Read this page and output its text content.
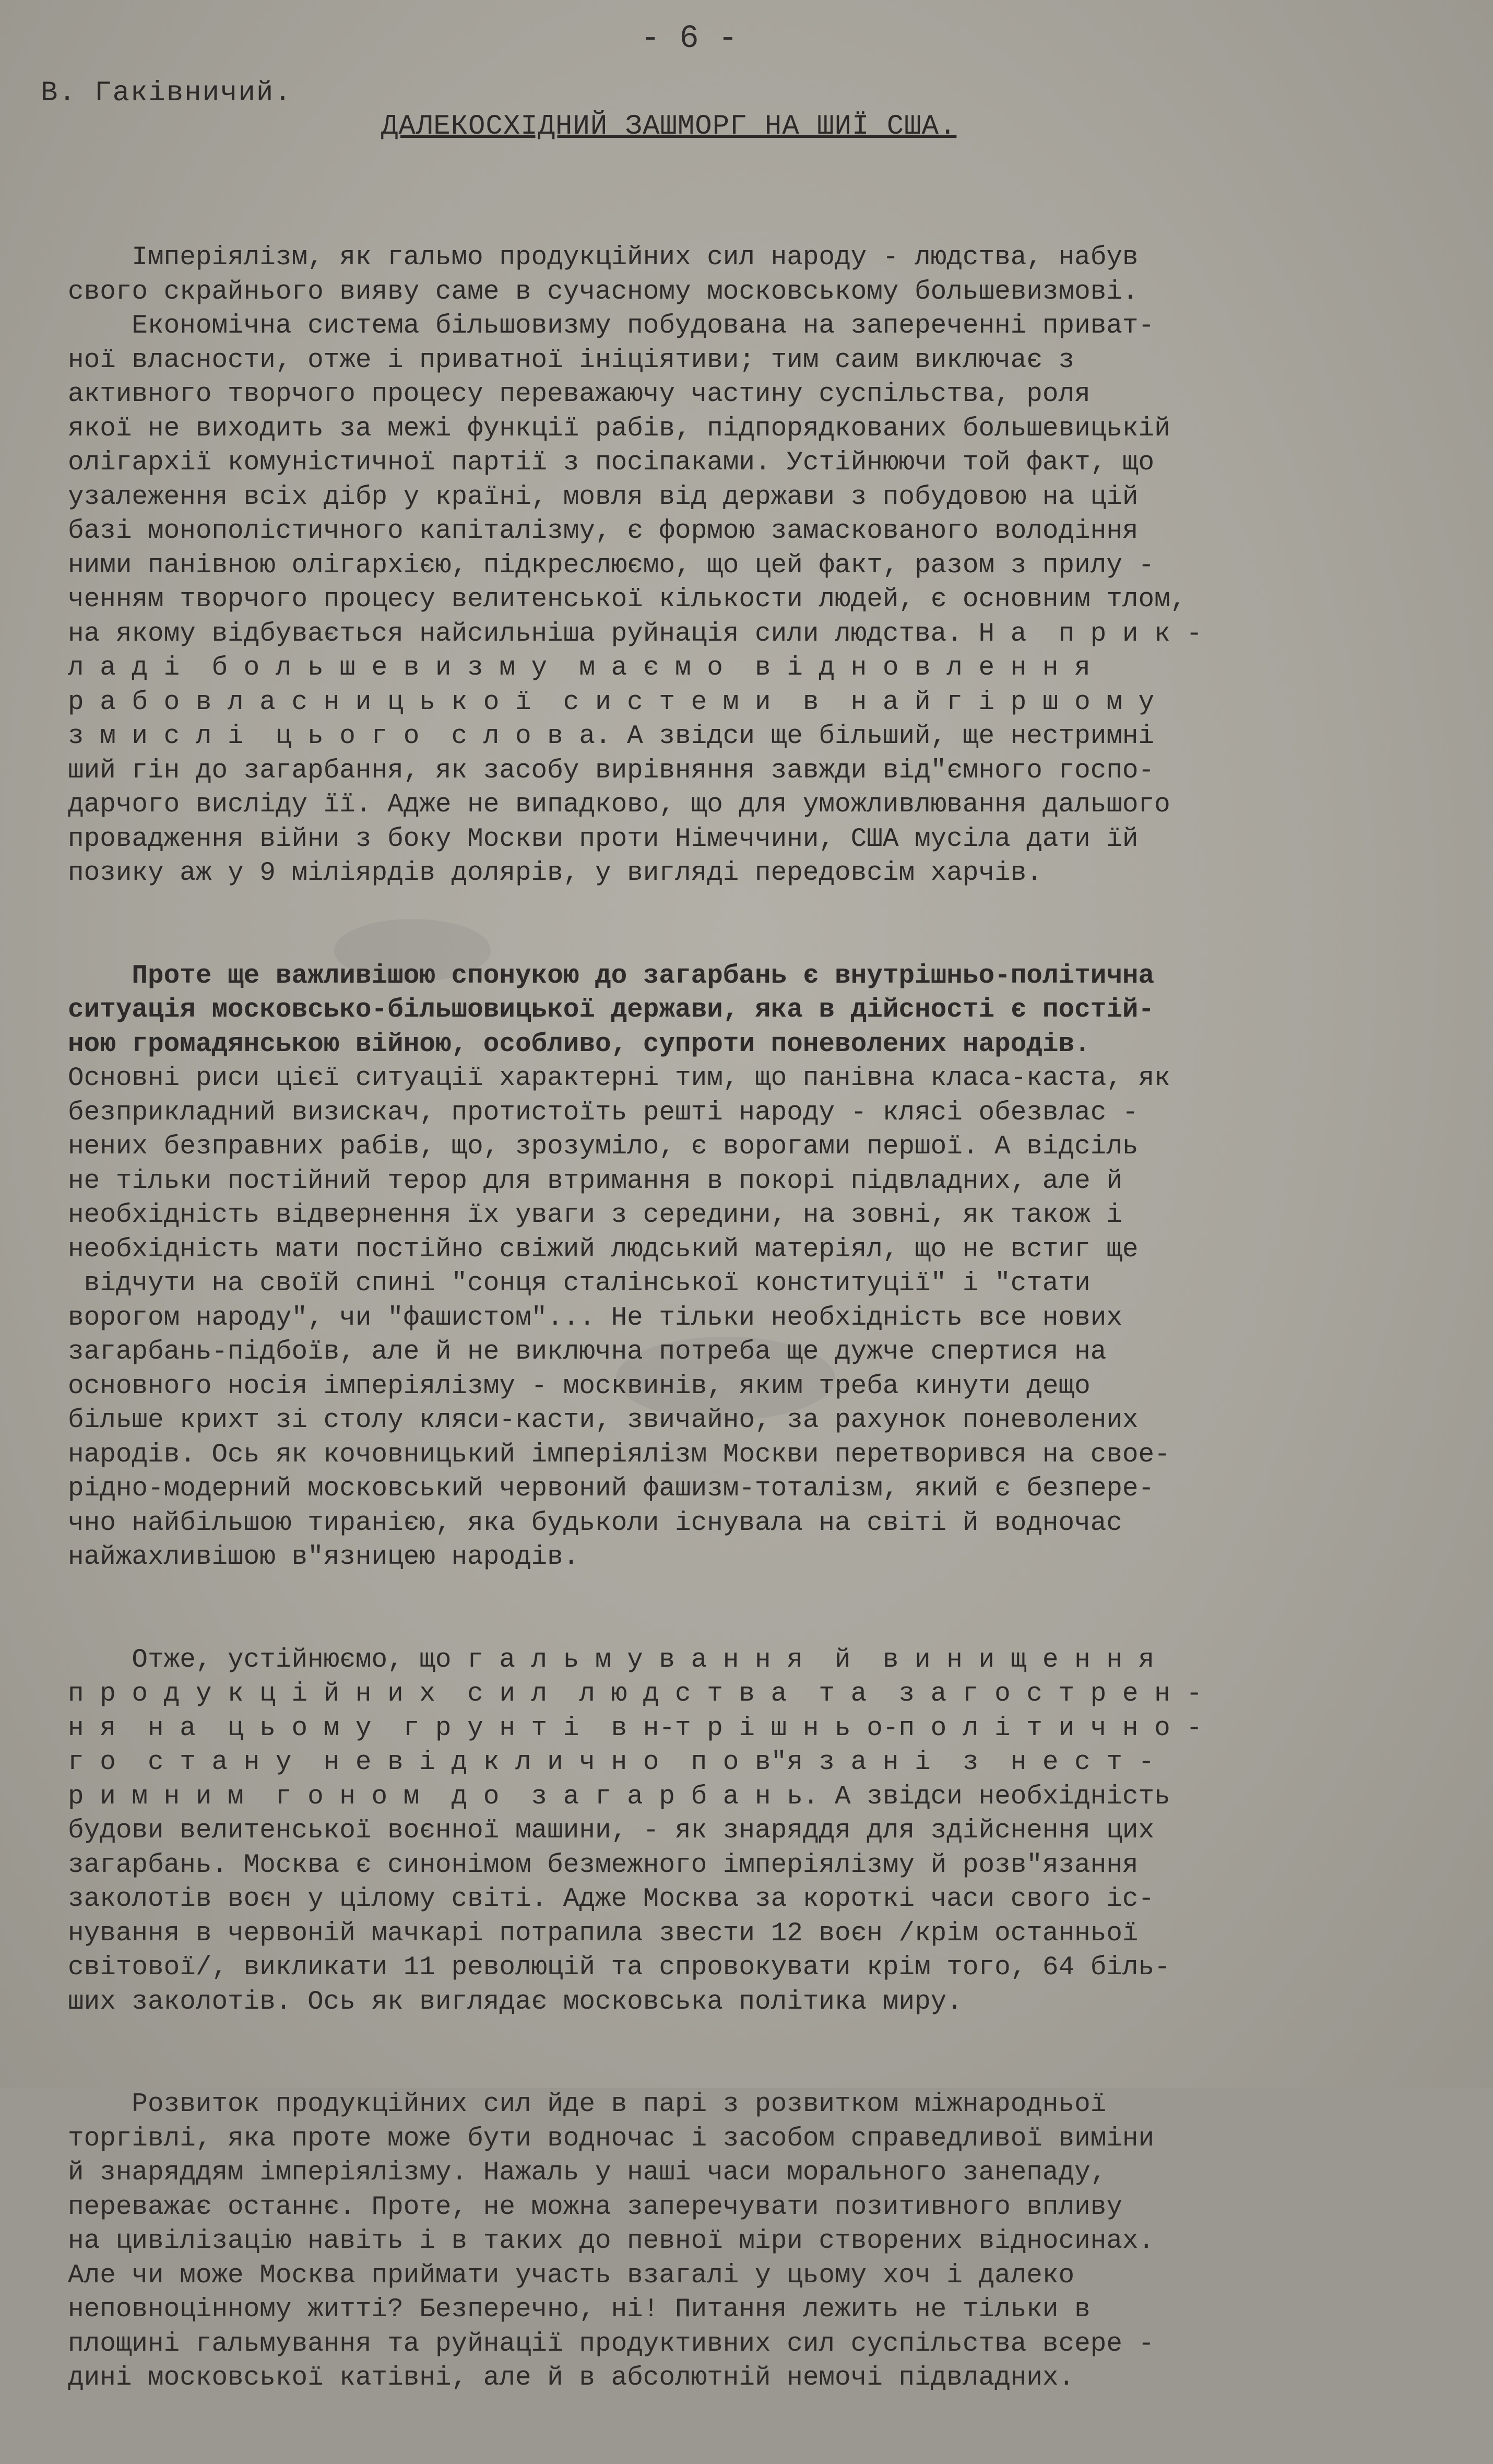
- 6 -
В. Гаківничий.
ДАЛЕКОСХІДНИЙ ЗАШМОРГ НА ШИЇ США.

Імперіялізм, як гальмо продукційних сил народу - людства, набув
свого скрайнього вияву саме в сучасному московському большевизмові.
Економічна система більшовизму побудована на запереченні приват-
ної власности, отже і приватної ініціятиви; тим саим виключає з
активного творчого процесу переважаючу частину суспільства, роля
якої не виходить за межі функції рабів, підпорядкованих большевицькій
олігархії комуністичної партії з посіпаками. Устійнюючи той факт, що
узалеження всіх дібр у країні, мовля від держави з побудовою на цій
базі монополістичного капіталізму, є формою замаскованого володіння
ними панівною олігархією, підкреслюємо, що цей факт, разом з прилу -
ченням творчого процесу велитенської кількости людей, є основним тлом,
на якому відбувається найсильніша руйнація сили людства. Н а  п р и к -
л а д і  б о л ь ш е в и з м у  м а є м о  в і д н о в л е н н я
р а б о в л а с н и ц ь к о ї  с и с т е м и  в  н а й г і р ш о м у
з м и с л і  ц ь о г о  с л о в а. А звідси ще більший, ще нестримні
ший гін до загарбання, як засобу вирівняння завжди від"ємного госпо-
дарчого висліду її. Адже не випадково, що для уможливлювання дальшого
провадження війни з боку Москви проти Німеччини, США мусіла дати їй
позику аж у 9 міліярдів долярів, у вигляді передовсім харчів.

Проте ще важливішою спонукою до загарбань є внутрішньо-політична
ситуація московсько-більшовицької держави, яка в дійсності є постій-
ною громадянською війною, особливо, супроти поневолених народів.
Основні риси цієї ситуації характерні тим, що панівна класа-каста, як
безприкладний визискач, протистоїть решті народу - клясі обезвлас -
нених безправних рабів, що, зрозуміло, є ворогами першої. А відсіль
не тільки постійний терор для втримання в покорі підвладних, але й
необхідність відвернення їх уваги з середини, на зовні, як також і
необхідність мати постійно свіжий людський матеріял, що не встиг ще
відчути на своїй спині "сонця сталінської конституції" і "стати
ворогом народу", чи "фашистом"... Не тільки необхідність все нових
загарбань-підбоїв, але й не виключна потреба ще дужче спертися на
основного носія імперіялізму - москвинів, яким треба кинути дещо
більше крихт зі столу кляси-касти, звичайно, за рахунок поневолених
народів. Ось як кочовницький імперіялізм Москви перетворився на свое-
рідно-модерний московський червоний фашизм-тоталізм, який є безпере-
чно найбільшою тиранією, яка будьколи існувала на світі й водночас
найжахливішою в"язницею народів.

Отже, устійнюємо, що г а л ь м у в а н н я  й  в и н и щ е н н я
п р о д у к ц і й н и х  с и л  л ю д с т в а  т а  з а г о с т р е н -
н я  н а  ц ь о м у  г р у н т і  в н-т р і ш н ь о-п о л і т и ч н о -
г о  с т а н у  н е в і д к л и ч н о  п о в"я з а н і  з  н е с т -
р и м н и м  г о н о м  д о  з а г а р б а н ь. А звідси необхідність
будови велитенської воєнної машини, - як знаряддя для здійснення цих
загарбань. Москва є синонімом безмежного імперіялізму й розв"язання
заколотів воєн у цілому світі. Адже Москва за короткі часи свого іс-
нування в червоній мачкарі потрапила звести 12 воєн /крім останньої
світової/, викликати 11 революцій та спровокувати крім того, 64 біль-
ших заколотів. Ось як виглядає московська політика миру.

Розвиток продукційних сил йде в парі з розвитком міжнародньої
торгівлі, яка проте може бути водночас і засобом справедливої виміни
й знаряддям імперіялізму. Нажаль у наші часи морального занепаду,
переважає останнє. Проте, не можна заперечувати позитивного впливу
на цивілізацію навіть і в таких до певної міри створених відносинах.
Але чи може Москва приймати участь взагалі у цьому хоч і далеко
неповноцінному житті? Безперечно, ні! Питання лежить не тільки в
площині гальмування та руйнації продуктивних сил суспільства всере -
дині московської катівні, але й в абсолютній немочі підвладних.
